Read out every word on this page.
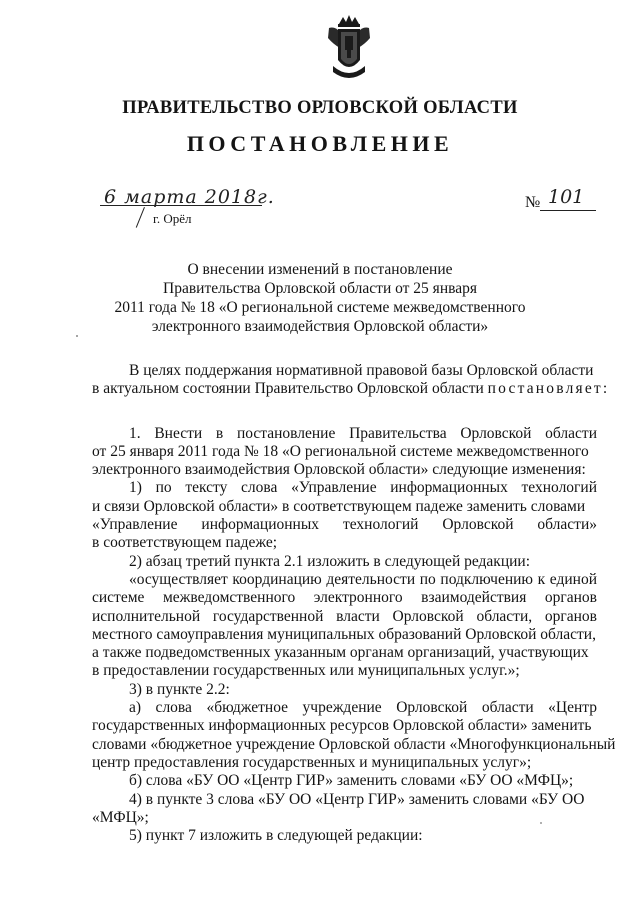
ПРАВИТЕЛЬСТВО ОРЛОВСКОЙ ОБЛАСТИ
ПОСТАНОВЛЕНИЕ
6 марта 2018г.
г. Орёл
№ 101
О внесении изменений в постановление
Правительства Орловской области от 25 января
2011 года № 18 «О региональной системе межведомственного
электронного взаимодействия Орловской области»
В целях поддержания нормативной правовой базы Орловской области
в актуальном состоянии Правительство Орловской области постановляет:
1. Внести в постановление Правительства Орловской области
от 25 января 2011 года № 18 «О региональной системе межведомственного
электронного взаимодействия Орловской области» следующие изменения:
1) по тексту слова «Управление информационных технологий
и связи Орловской области» в соответствующем падеже заменить словами
«Управление информационных технологий Орловской области»
в соответствующем падеже;
2) абзац третий пункта 2.1 изложить в следующей редакции:
«осуществляет координацию деятельности по подключению к единой
системе межведомственного электронного взаимодействия органов
исполнительной государственной власти Орловской области, органов
местного самоуправления муниципальных образований Орловской области,
а также подведомственных указанным органам организаций, участвующих
в предоставлении государственных или муниципальных услуг.»;
3) в пункте 2.2:
а) слова «бюджетное учреждение Орловской области «Центр
государственных информационных ресурсов Орловской области» заменить
словами «бюджетное учреждение Орловской области «Многофункциональный
центр предоставления государственных и муниципальных услуг»;
б) слова «БУ ОО «Центр ГИР» заменить словами «БУ ОО «МФЦ»;
4) в пункте 3 слова «БУ ОО «Центр ГИР» заменить словами «БУ ОО
«МФЦ»;
5) пункт 7 изложить в следующей редакции:
